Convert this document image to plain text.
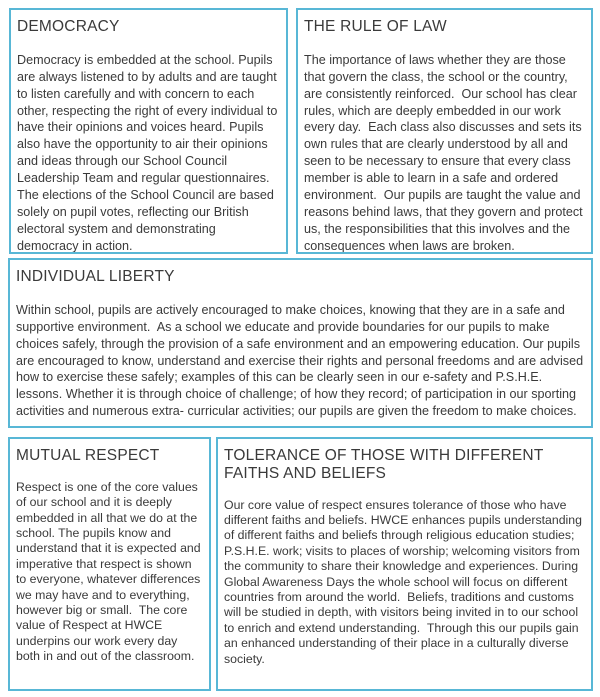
DEMOCRACY

Democracy is embedded at the school. Pupils are always listened to by adults and are taught to listen carefully and with concern to each other, respecting the right of every individual to have their opinions and voices heard. Pupils also have the opportunity to air their opinions and ideas through our School Council Leadership Team and regular questionnaires. The elections of the School Council are based solely on pupil votes, reflecting our British electoral system and demonstrating democracy in action.

THE RULE OF LAW

The importance of laws whether they are those that govern the class, the school or the country, are consistently reinforced.  Our school has clear rules, which are deeply embedded in our work every day.  Each class also discusses and sets its own rules that are clearly understood by all and seen to be necessary to ensure that every class member is able to learn in a safe and ordered environment.  Our pupils are taught the value and reasons behind laws, that they govern and protect us, the responsibilities that this involves and the consequences when laws are broken.

INDIVIDUAL LIBERTY

Within school, pupils are actively encouraged to make choices, knowing that they are in a safe and supportive environment.  As a school we educate and provide boundaries for our pupils to make choices safely, through the provision of a safe environment and an empowering education. Our pupils are encouraged to know, understand and exercise their rights and personal freedoms and are advised how to exercise these safely; examples of this can be clearly seen in our e-safety and P.S.H.E. lessons. Whether it is through choice of challenge; of how they record; of participation in our sporting activities and numerous extra- curricular activities; our pupils are given the freedom to make choices.

MUTUAL RESPECT

Respect is one of the core values of our school and it is deeply embedded in all that we do at the school. The pupils know and understand that it is expected and imperative that respect is shown to everyone, whatever differences we may have and to everything, however big or small.  The core value of Respect at HWCE underpins our work every day both in and out of the classroom.

TOLERANCE OF THOSE WITH DIFFERENT FAITHS AND BELIEFS

Our core value of respect ensures tolerance of those who have different faiths and beliefs. HWCE enhances pupils understanding of different faiths and beliefs through religious education studies; P.S.H.E. work; visits to places of worship; welcoming visitors from the community to share their knowledge and experiences. During Global Awareness Days the whole school will focus on different countries from around the world.  Beliefs, traditions and customs will be studied in depth, with visitors being invited in to our school to enrich and extend understanding.  Through this our pupils gain an enhanced understanding of their place in a culturally diverse society.
